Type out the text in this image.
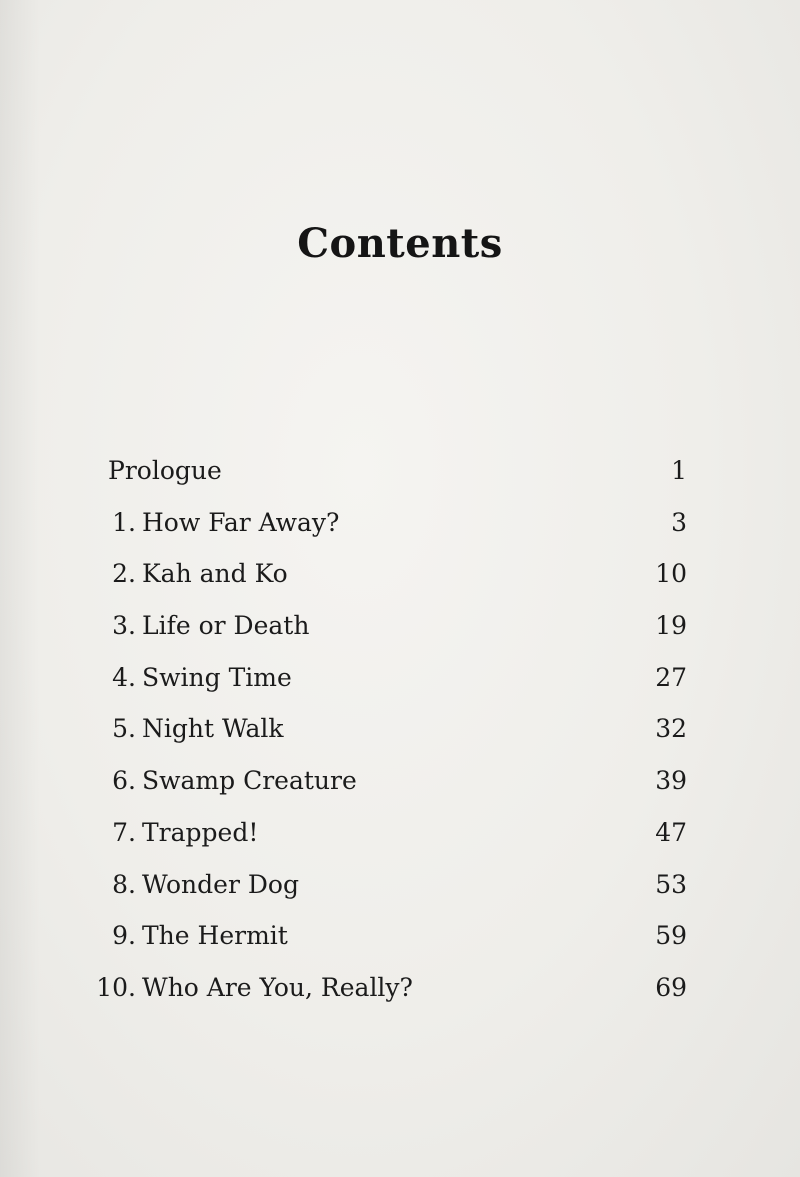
Contents
Prologue	1
1. How Far Away?	3
2. Kah and Ko	10
3. Life or Death	19
4. Swing Time	27
5. Night Walk	32
6. Swamp Creature	39
7. Trapped!	47
8. Wonder Dog	53
9. The Hermit	59
10. Who Are You, Really?	69
